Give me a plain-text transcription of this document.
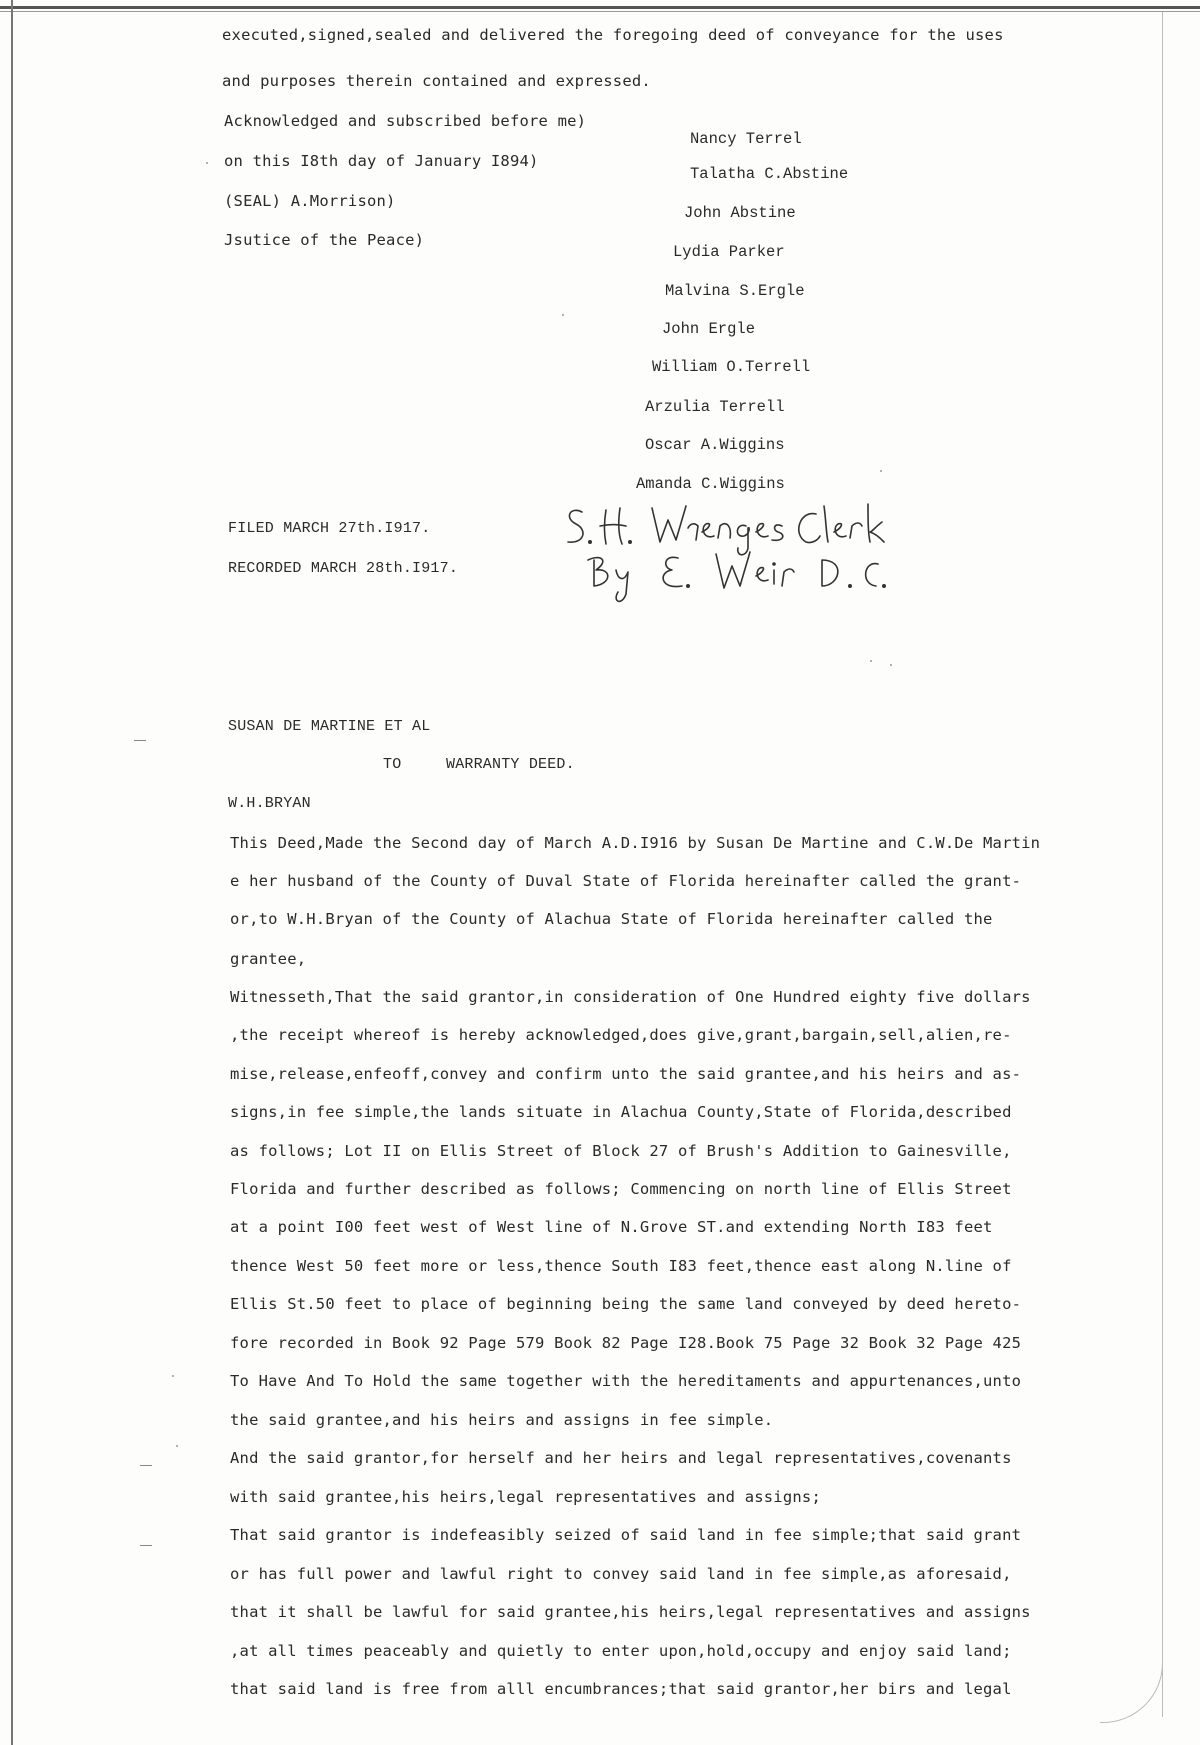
executed,signed,sealed and delivered the foregoing deed of conveyance for the uses
and purposes therein contained and expressed.
Acknowledged and subscribed before me)
on this I8th day of January I894)
(SEAL) A.Morrison)
Jsutice of the Peace)
Nancy Terrel
Talatha C.Abstine
John Abstine
Lydia Parker
Malvina S.Ergle
John Ergle
William O.Terrell
Arzulia Terrell
Oscar A.Wiggins
Amanda C.Wiggins
FILED MARCH 27th.I917.
RECORDED MARCH 28th.I917.
SUSAN DE MARTINE ET AL
TO	WARRANTY DEED.
W.H.BRYAN
This Deed,Made the Second day of March A.D.I916 by Susan De Martine and C.W.De Martin
e her husband of the County of Duval State of Florida hereinafter called the grant-
or,to W.H.Bryan of the County of Alachua State of Florida hereinafter called the
grantee,
Witnesseth,That the said grantor,in consideration of One Hundred eighty five dollars
,the receipt whereof is hereby acknowledged,does give,grant,bargain,sell,alien,re-
mise,release,enfeoff,convey and confirm unto the said grantee,and his heirs and as-
signs,in fee simple,the lands situate in Alachua County,State of Florida,described
as follows; Lot II on Ellis Street of Block 27 of Brush's Addition to Gainesville,
Florida and further described as follows; Commencing on north line of Ellis Street
at a point I00 feet west of West line of N.Grove ST.and extending North I83 feet
thence West 50 feet more or less,thence South I83 feet,thence east along N.line of
Ellis St.50 feet to place of beginning being the same land conveyed by deed hereto-
fore recorded in Book 92 Page 579 Book 82 Page I28.Book 75 Page 32 Book 32 Page 425
To Have And To Hold the same together with the hereditaments and appurtenances,unto
the said grantee,and his heirs and assigns in fee simple.
And the said grantor,for herself and her heirs and legal representatives,covenants
with said grantee,his heirs,legal representatives and assigns;
That said grantor is indefeasibly seized of said land in fee simple;that said grant
or has full power and lawful right to convey said land in fee simple,as aforesaid,
that it shall be lawful for said grantee,his heirs,legal representatives and assigns
,at all times peaceably and quietly to enter upon,hold,occupy and enjoy said land;
that said land is free from alll encumbrances;that said grantor,her birs and legal
